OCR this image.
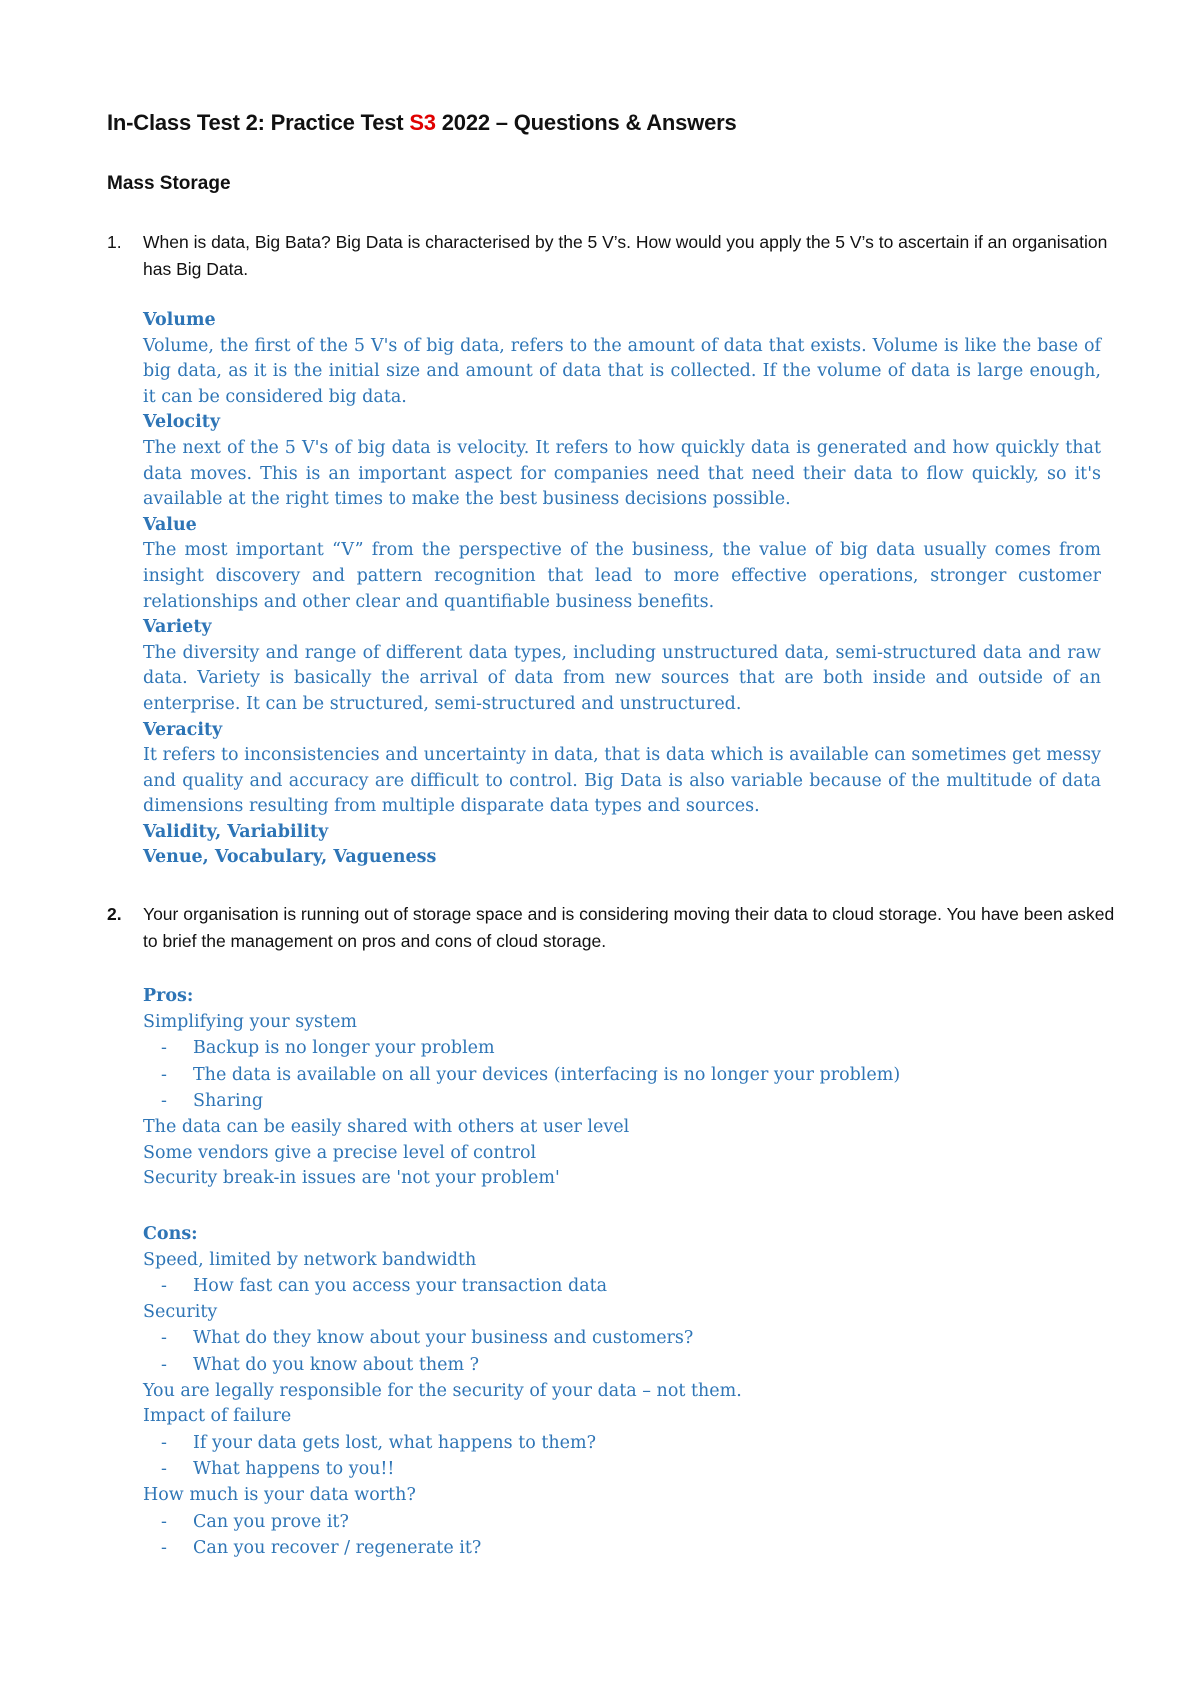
In-Class Test 2: Practice Test S3 2022 – Questions & Answers
Mass Storage
1.	When is data, Big Bata? Big Data is characterised by the 5 V’s. How would you apply the 5 V’s to ascertain if an organisation has Big Data.

Volume

Volume, the first of the 5 V's of big data, refers to the amount of data that exists. Volume is like the base of big data, as it is the initial size and amount of data that is collected. If the volume of data is large enough, it can be considered big data.

Velocity

The next of the 5 V's of big data is velocity. It refers to how quickly data is generated and how quickly that data moves. This is an important aspect for companies need that need their data to flow quickly, so it's available at the right times to make the best business decisions possible.

Value

The most important “V” from the perspective of the business, the value of big data usually comes from insight discovery and pattern recognition that lead to more effective operations, stronger customer relationships and other clear and quantifiable business benefits.

Variety

The diversity and range of different data types, including unstructured data, semi-structured data and raw data. Variety is basically the arrival of data from new sources that are both inside and outside of an enterprise. It can be structured, semi-structured and unstructured.

Veracity

It refers to inconsistencies and uncertainty in data, that is data which is available can sometimes get messy and quality and accuracy are difficult to control. Big Data is also variable because of the multitude of data dimensions resulting from multiple disparate data types and sources.

Validity, Variability

Venue, Vocabulary, Vagueness

2.	Your organisation is running out of storage space and is considering moving their data to cloud storage. You have been asked to brief the management on pros and cons of cloud storage.

Pros:

Simplifying your system
- Backup is no longer your problem
- The data is available on all your devices (interfacing is no longer your problem)
- Sharing
The data can be easily shared with others at user level
Some vendors give a precise level of control
Security break-in issues are 'not your problem'

Cons:

Speed, limited by network bandwidth
- How fast can you access your transaction data
Security
- What do they know about your business and customers?
- What do you know about them ?
You are legally responsible for the security of your data – not them.
Impact of failure
- If your data gets lost, what happens to them?
- What happens to you!!
How much is your data worth?
- Can you prove it?
- Can you recover / regenerate it?
